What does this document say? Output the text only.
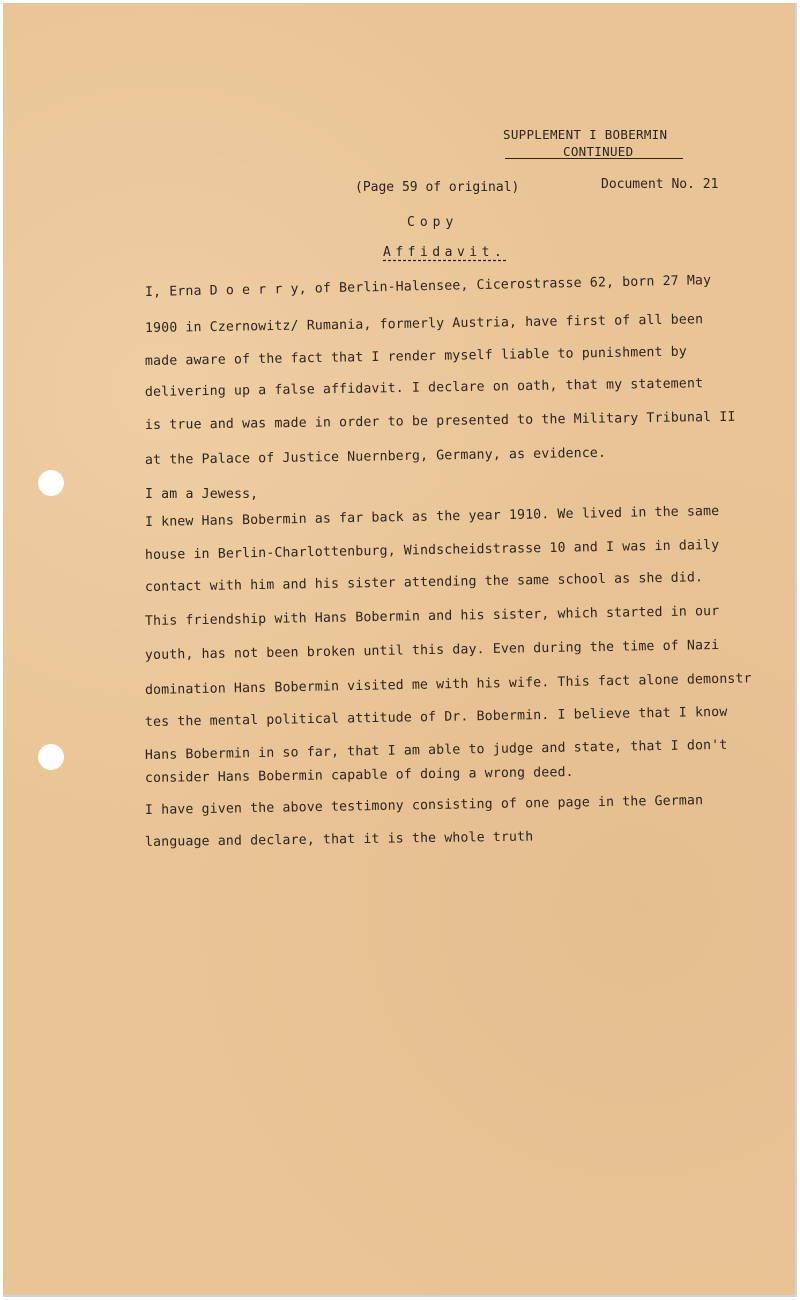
SUPPLEMENT I BOBERMIN
CONTINUED
(Page 59 of original)	Document No. 21
Copy
Affidavit.
I, Erna D o e r r y, of Berlin-Halensee, Cicerostrasse 62, born 27 May
1900 in Czernowitz/ Rumania, formerly Austria, have first of all been
made aware of the fact that I render myself liable to punishment by
delivering up a false affidavit. I declare on oath, that my statement
is true and was made in order to be presented to the Military Tribunal II
at the Palace of Justice Nuernberg, Germany, as evidence.
I am a Jewess,
I knew Hans Bobermin as far back as the year 1910. We lived in the same
house in Berlin-Charlottenburg, Windscheidstrasse 10 and I was in daily
contact with him and his sister attending the same school as she did.
This friendship with Hans Bobermin and his sister, which started in our
youth, has not been broken until this day. Even during the time of Nazi
domination Hans Bobermin visited me with his wife. This fact alone demonstr
tes the mental political attitude of Dr. Bobermin. I believe that I know
Hans Bobermin in so far, that I am able to judge and state, that I don't
consider Hans Bobermin capable of doing a wrong deed.
I have given the above testimony consisting of one page in the German
language and declare, that it is the whole truth
